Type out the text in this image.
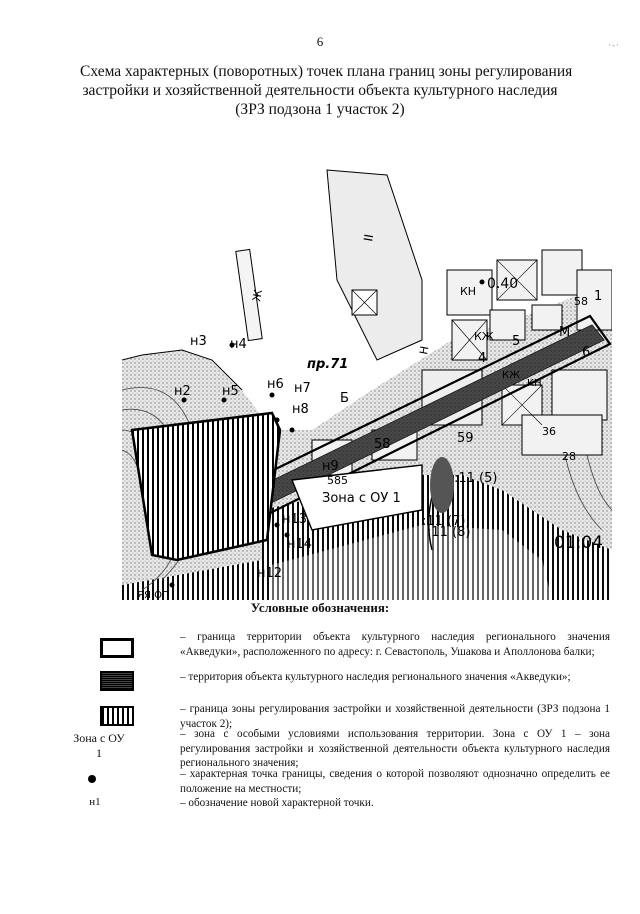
6	·-·
Схема характерных (поворотных) точек плана границ зоны регулирования
застройки и хозяйственной деятельности объекта культурного наследия
(ЗРЗ подзона 1 участок 2)
н3 н4
н2 н5 н6 н7
н8
н9
н13
н14
н12
пр.71
Б
Зона с ОУ 1
0.40
585
58	59
:11 (5)
:11 (7)
:11 (8)
01:04
КН
КЖ	М
4
5
6
1
58
КЖ
КН
28
36
Н
Ж
II
ЯЯ ОП
Условные обозначения:
– граница территории объекта культурного наследия регионального значения «Акведуки», расположенного по адресу: г. Севастополь, Ушакова и Аполлонова балки;
– территория объекта культурного наследия регионального значения «Акведуки»;
– граница зоны регулирования застройки и хозяйственной деятельности (ЗРЗ подзона 1 участок 2);
Зона с ОУ 1
– зона с особыми условиями использования территории. Зона с ОУ 1 – зона регулирования застройки и хозяйственной деятельности объекта культурного наследия регионального значения;
– характерная точка границы, сведения о которой позволяют однозначно определить ее положение на местности;
н1	– обозначение новой характерной точки.
